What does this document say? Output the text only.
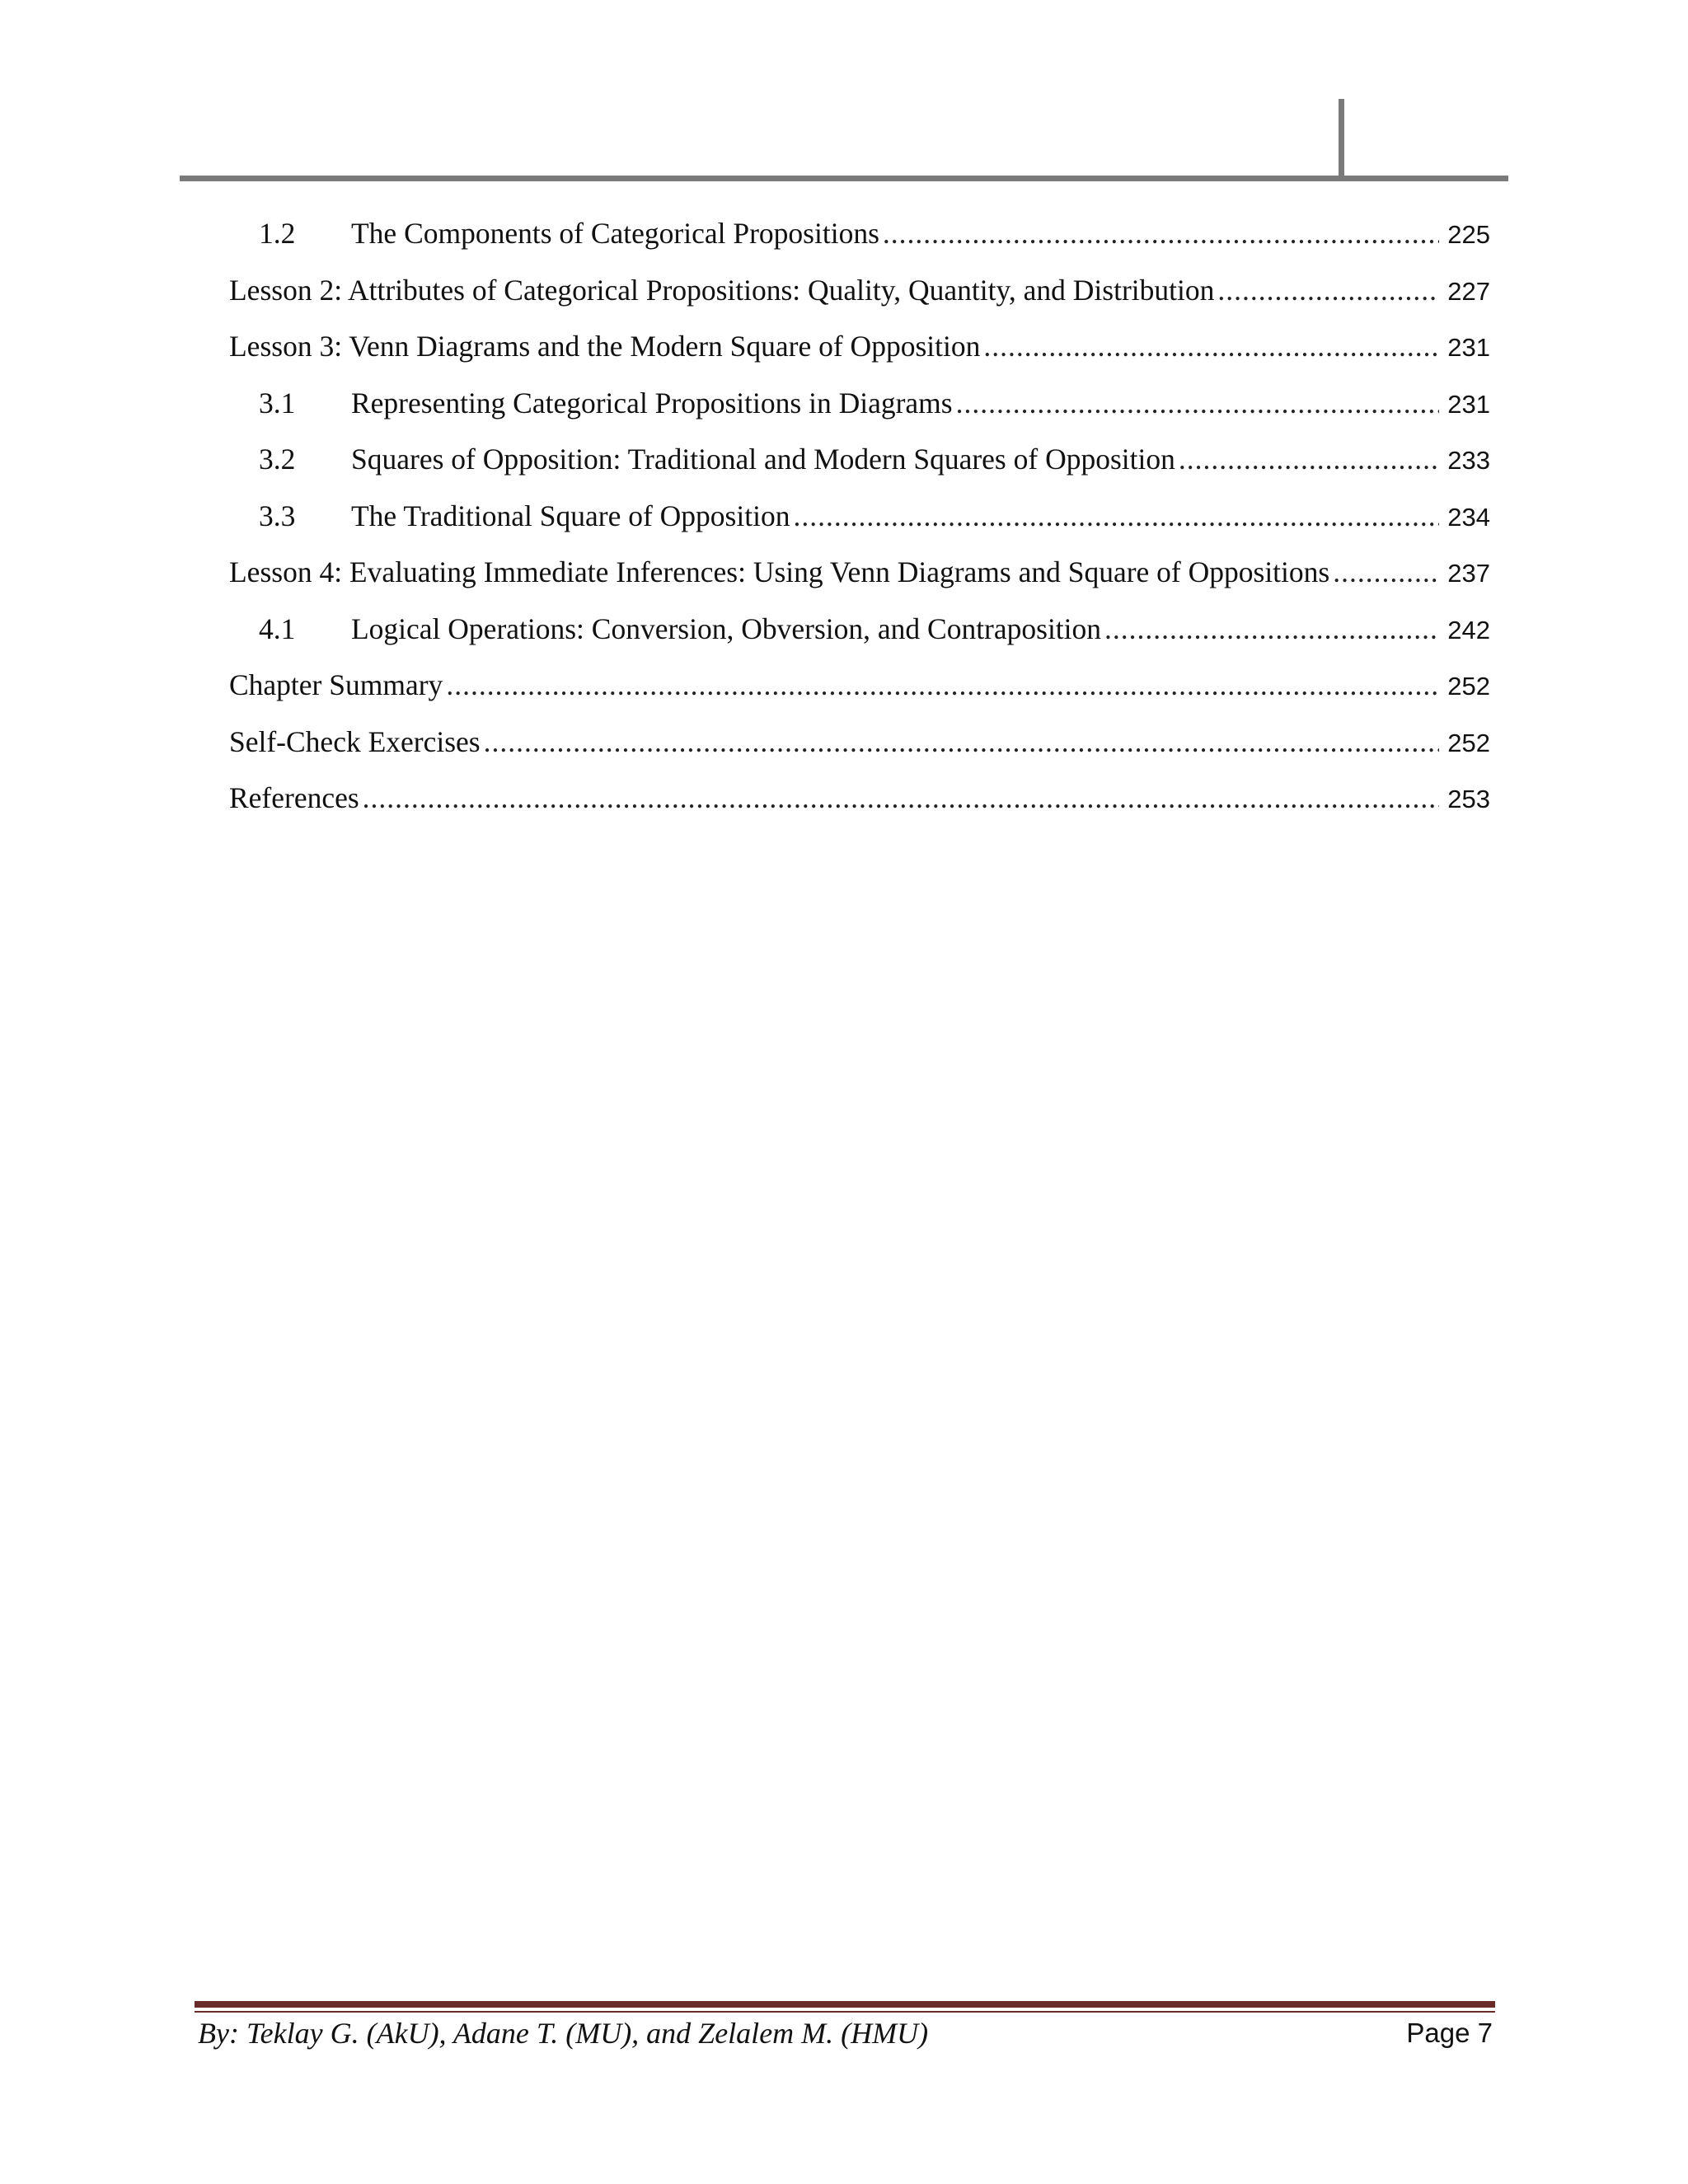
1.2	The Components of Categorical Propositions .....	225
Lesson 2: Attributes of Categorical Propositions: Quality, Quantity, and Distribution .....	227
Lesson 3: Venn Diagrams and the Modern Square of Opposition .....	231
3.1	Representing Categorical Propositions in Diagrams .....	231
3.2	Squares of Opposition: Traditional and Modern Squares of Opposition .....	233
3.3	The Traditional Square of Opposition .....	234
Lesson 4: Evaluating Immediate Inferences: Using Venn Diagrams and Square of Oppositions .....	237
4.1	Logical Operations: Conversion, Obversion, and Contraposition .....	242
Chapter Summary .....	252
Self-Check Exercises .....	252
References .....	253
By: Teklay G. (AkU), Adane T. (MU), and Zelalem M. (HMU)	Page 7
